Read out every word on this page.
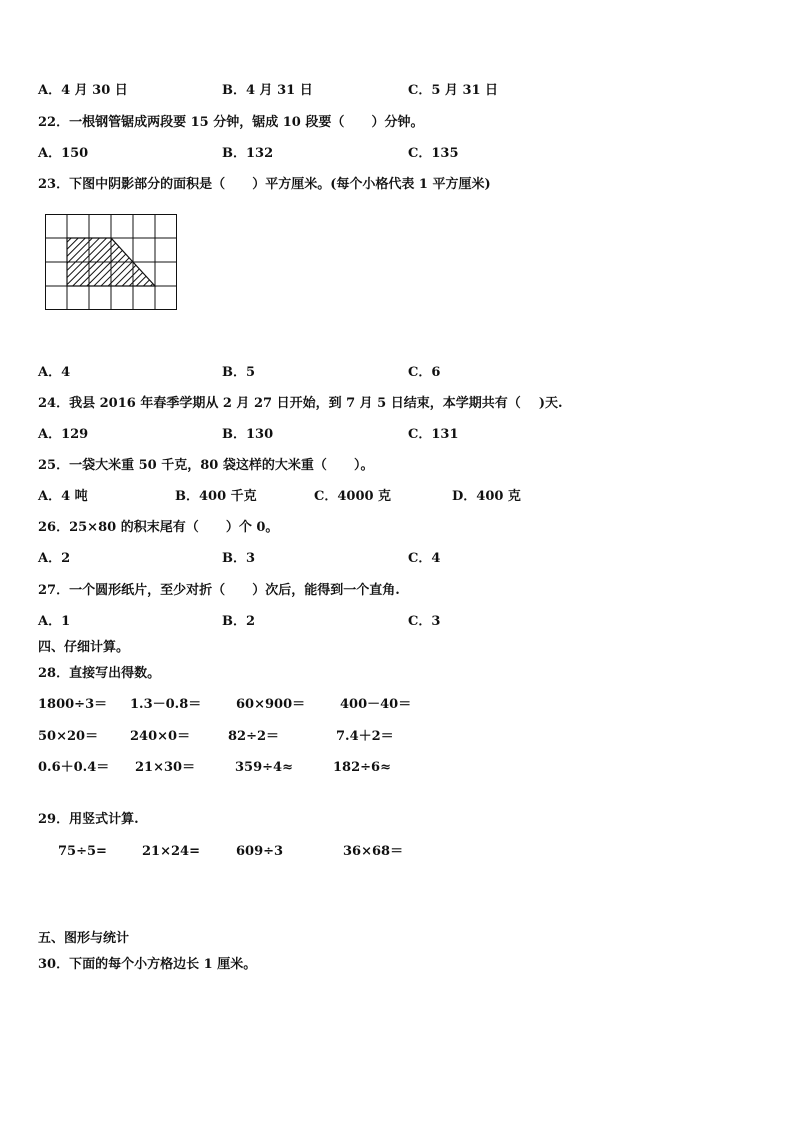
A．4 月 30 日	B．4 月 31 日	C．5 月 31 日
22．一根钢管锯成两段要 15 分钟，锯成 10 段要（      ）分钟。
A．150	B．132	C．135
23．下图中阴影部分的面积是（      ）平方厘米。(每个小格代表 1 平方厘米)
A．4	B．5	C．6
24．我县 2016 年春季学期从 2 月 27 日开始，到 7 月 5 日结束，本学期共有（    )天.
A．129	B．130	C．131
25．一袋大米重 50 千克，80 袋这样的大米重（      ）。
A．4 吨	B．400 千克	C．4000 克	D．400 克
26．25×80 的积末尾有（      ）个 0。
A．2	B．3	C．4
27．一个圆形纸片，至少对折（      ）次后，能得到一个直角.
A．1	B．2	C．3
四、仔细计算。
28．直接写出得数。
1800÷3＝ 1.3－0.8＝	60×900＝	400－40＝
50×20＝ 240×0＝	82÷2＝	7.4＋2＝
0.6＋0.4＝ 21×30＝	359÷4≈	182÷6≈
29．用竖式计算.
75÷5=	21×24=	609÷3	36×68＝
五、图形与统计
30．下面的每个小方格边长 1 厘米。
